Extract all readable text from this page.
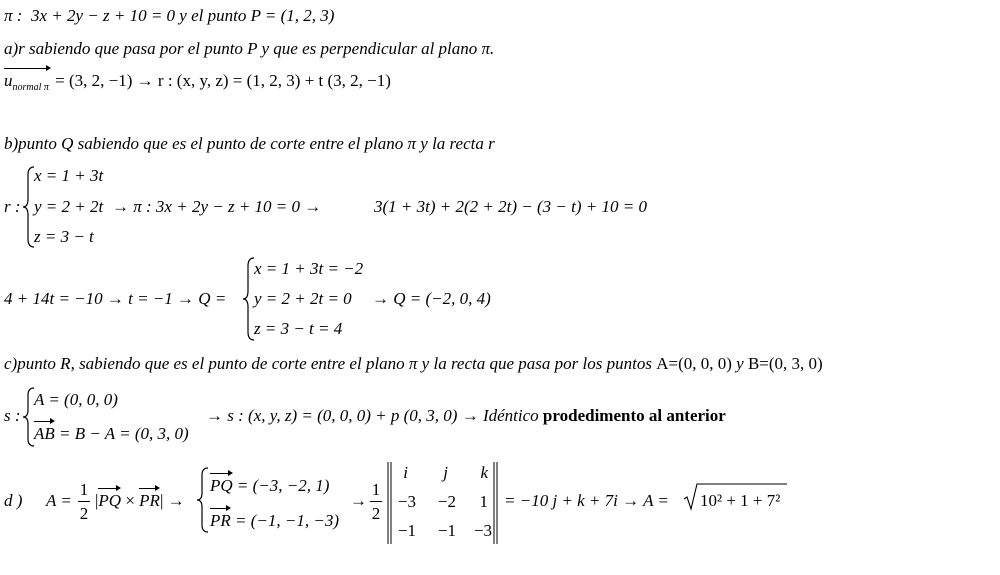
π : 3x + 2y − z + 10 = 0 y el punto P = (1, 2, 3)
a)r sabiendo que pasa por el punto P y que es perpendicular al plano π.
$u_{normal \pi} = (3$, 2, −1) → r : (x, y, z) = (1, 2, 3) + t (3, 2, −1)
b)punto Q sabiendo que es el punto de corte entre el plano π y la recta r
r :
x = 1 + 3t
y = 2 + 2t
z = 3 − t
→ π : 3x + 2y − z + 10 = 0 →	3(1 + 3t) + 2(2 + 2t) − (3 − t) + 10 = 0
4 + 14t = −10 → t = −1 → Q =
x = 1 + 3t = −2
y = 2 + 2t = 0
z = 3 − t = 4
→ Q = (−2, 0, 4)
c)punto R, sabiendo que es el punto de corte entre el plano π y la recta que pasa por los puntos A=(0, 0, 0) y B=(0, 3, 0)
s :
A = (0, 0, 0)
AB = B − A = (0, 3, 0)
→ s : (x, y, z) = (0, 0, 0) + p (0, 3, 0) → Idéntico prodedimento al anterior
d ) A =
1
2
|PQ × PR| →
PQ = (−3, −2, 1)
PR = (−1, −1, −3)
→
1
2
i	j	k
−3	−2	1
−1	−1	−3
= −10 j + k + 7i → A = 10² + 1 + 7²
